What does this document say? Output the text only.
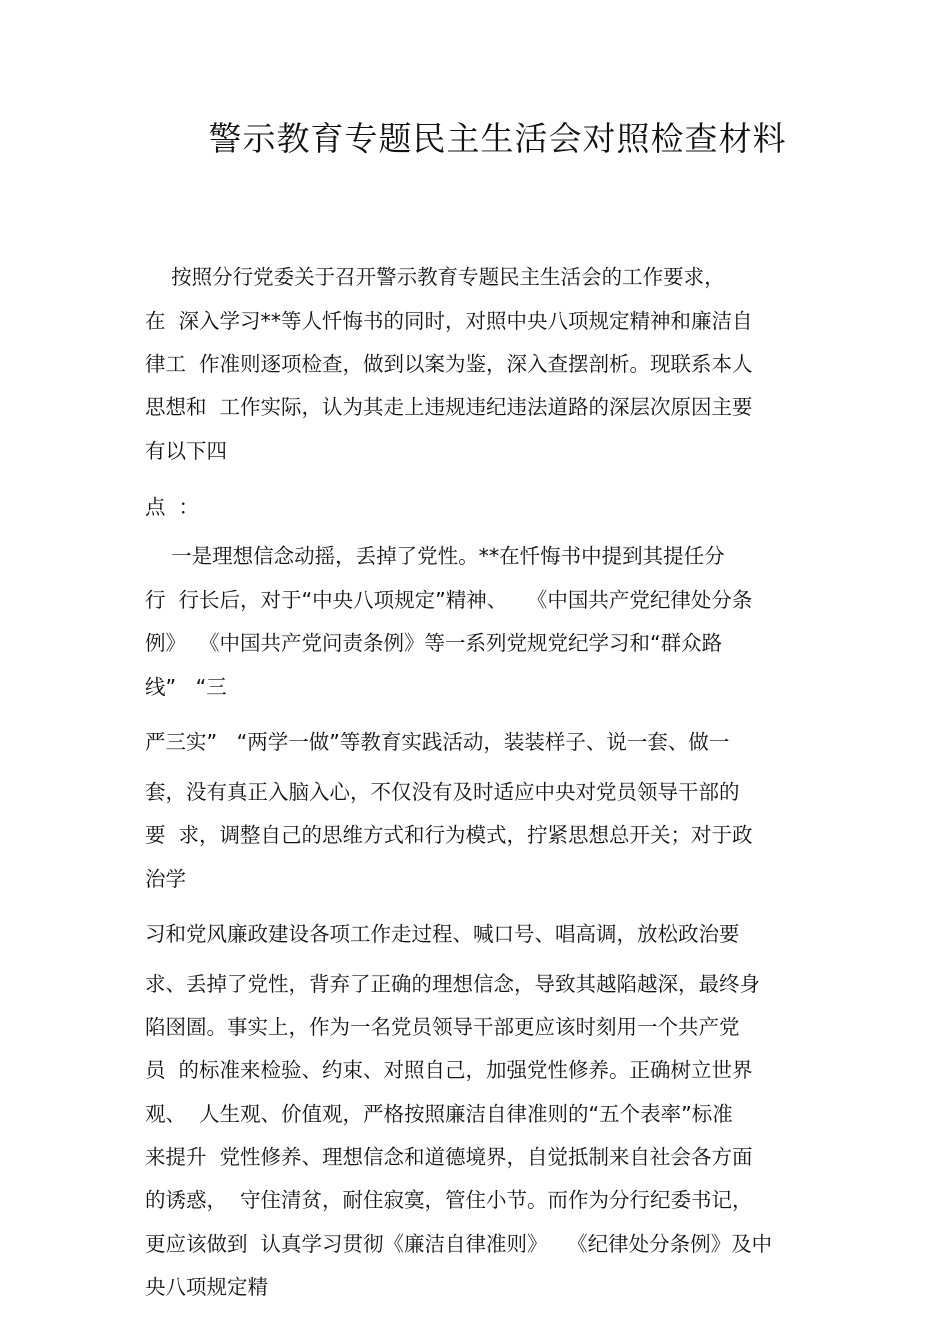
警示教育专题民主生活会对照检查材料
按照分行党委关于召开警示教育专题民主生活会的工作要求，
在  深入学习**等人忏悔书的同时，对照中央八项规定精神和廉洁自
律工  作准则逐项检查，做到以案为鉴，深入查摆剖析。现联系本人
思想和  工作实际，认为其走上违规违纪违法道路的深层次原因主要
有以下四
点  ：
一是理想信念动摇，丢掉了党性。**在忏悔书中提到其提任分
行  行长后，对于“中央八项规定”精神、   《中国共产党纪律处分条
例》  《中国共产党问责条例》等一系列党规党纪学习和“群众路
线”   “三
严三实”   “两学一做”等教育实践活动，装装样子、说一套、做一
套，没有真正入脑入心，不仅没有及时适应中央对党员领导干部的
要  求，调整自己的思维方式和行为模式，拧紧思想总开关；对于政
治学
习和党风廉政建设各项工作走过程、喊口号、唱高调，放松政治要
求、丢掉了党性，背弃了正确的理想信念，导致其越陷越深，最终身
陷囹圄。事实上，作为一名党员领导干部更应该时刻用一个共产党
员  的标准来检验、约束、对照自己，加强党性修养。正确树立世界
观、  人生观、价值观，严格按照廉洁自律准则的“五个表率”标准
来提升  党性修养、理想信念和道德境界，自觉抵制来自社会各方面
的诱惑，  守住清贫，耐住寂寞，管住小节。而作为分行纪委书记，
更应该做到  认真学习贯彻《廉洁自律准则》   《纪律处分条例》及中
央八项规定精
